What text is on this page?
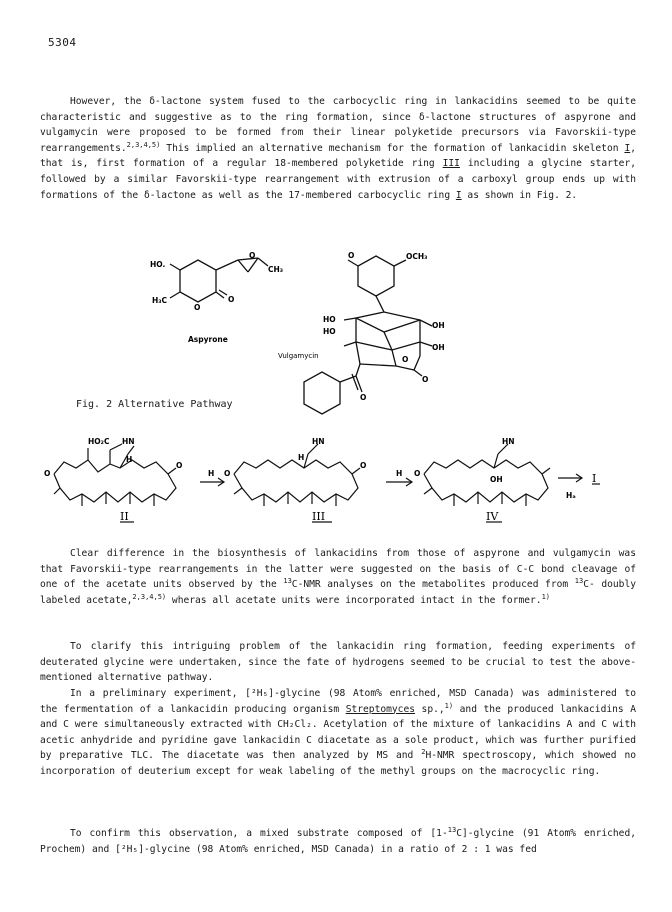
5304

However, the δ-lactone system fused to the carbocyclic ring in lankacidins seemed to be quite characteristic and suggestive as to the ring formation, since δ-lactone structures of aspyrone and vulgamycin were proposed to be formed from their linear polyketide precursors via Favorskii-type rearrangements.$^{2,3,4,5)}$ This implied an alternative mechanism for the formation of lankacidin skeleton I, that is, first formation of a regular 18-membered polyketide ring III including a glycine starter, followed by a similar Favorskii-type rearrangement with extrusion of a carboxyl group ends up with formations of the δ-lactone as well as the 17-membered carbocyclic ring I as shown in Fig. 2.

HO.
H₃C
O
O
O
CH₃
Aspyrone
O	OCH₃
HO
HO
OH
OH
O
O
O
Vulgamycin
Fig. 2 Alternative Pathway
HO₂C HN
H
O
O
II
H
HN
H
O
O
III
H
HN
OH
O
IV
Hₐ
I

Clear difference in the biosynthesis of lankacidins from those of aspyrone and vulgamycin was that Favorskii-type rearrangements in the latter were suggested on the basis of C-C bond cleavage of one of the acetate units observed by the $^{13}$C-NMR analyses on the metabolites produced from $^{13}$C- doubly labeled acetate,$^{2,3,4,5)}$ wheras all acetate units were incorporated intact in the former.$^{1)}$

To clarify this intriguing problem of the lankacidin ring formation, feeding experiments of deuterated glycine were undertaken, since the fate of hydrogens seemed to be crucial to test the above-mentioned alternative pathway.

In a preliminary experiment, [²H₅]-glycine (98 Atom% enriched, MSD Canada) was administered to the fermentation of a lankacidin producing organism Streptomyces sp.,$^{1)}$ and the produced lankacidins A and C were simultaneously extracted with CH₂Cl₂. Acetylation of the mixture of lankacidins A and C with acetic anhydride and pyridine gave lankacidin C diacetate as a sole product, which was further purified by preparative TLC. The diacetate was then analyzed by MS and $^2$H-NMR spectroscopy, which showed no incorporation of deuterium except for weak labeling of the methyl groups on the macrocyclic ring.

To confirm this observation, a mixed substrate composed of [1-$^{13}$C]-glycine (91 Atom% enriched, Prochem) and [²H₅]-glycine (98 Atom% enriched, MSD Canada) in a ratio of 2 : 1 was fed
